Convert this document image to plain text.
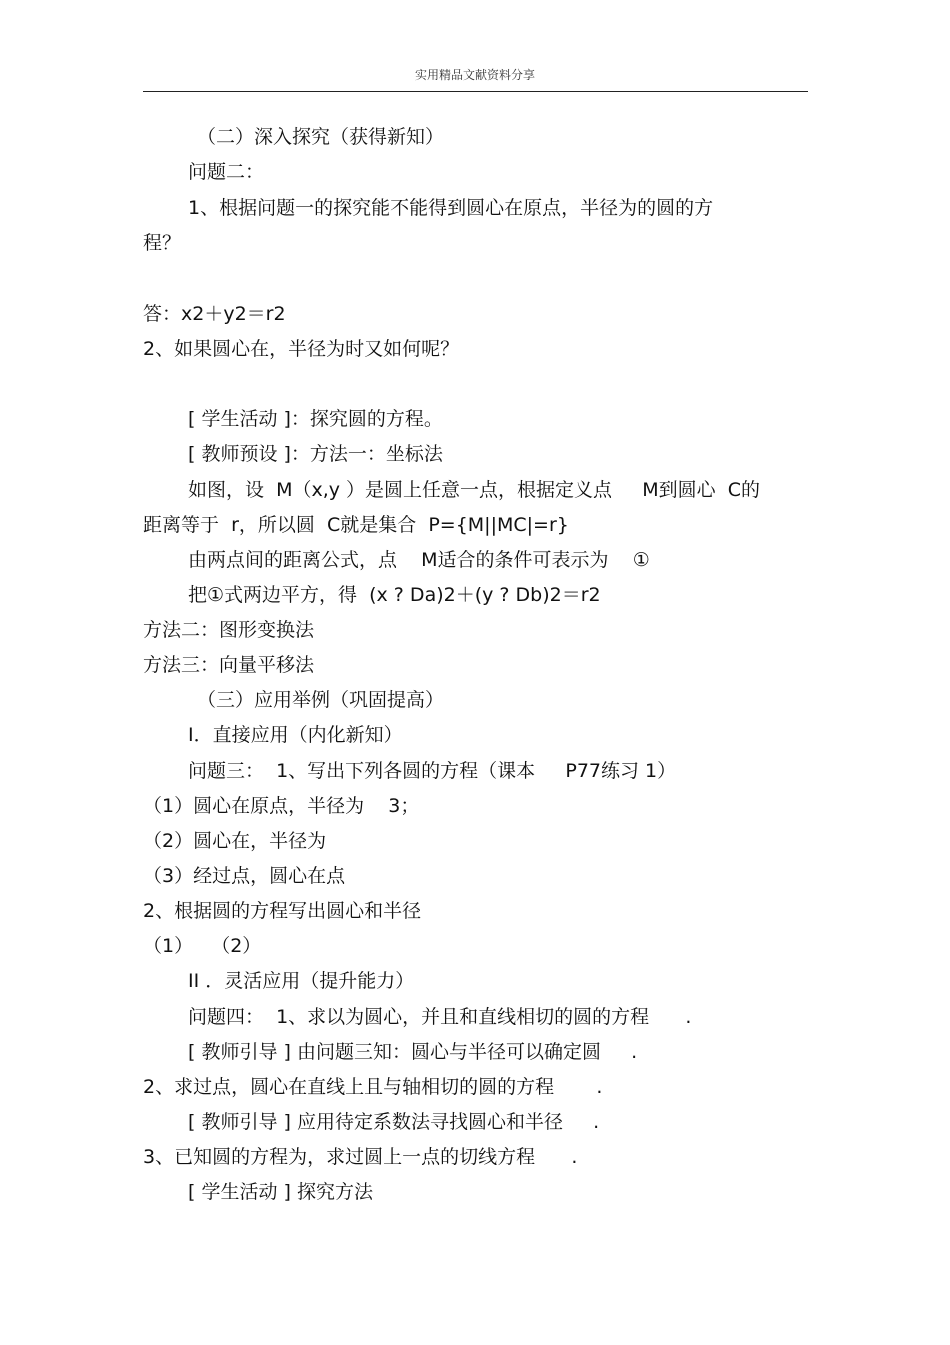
实用精品文献资料分享
（二）深入探究（获得新知）
问题二：
1、根据问题一的探究能不能得到圆心在原点，半径为的圆的方
程？
答：x2＋y2＝r2
2、如果圆心在，半径为时又如何呢？
[ 学生活动 ]：探究圆的方程。
[ 教师预设 ]：方法一：坐标法
如图，设  M（x,y ）是圆上任意一点，根据定义点     M到圆心  C的
距离等于  r，所以圆  C就是集合  P={M||MC|=r}
由两点间的距离公式，点    M适合的条件可表示为    ①
把①式两边平方，得  (x ? Da)2＋(y ? Db)2＝r2
方法二：图形变换法
方法三：向量平移法
（三）应用举例（巩固提高）
I．直接应用（内化新知）
问题三：  1、写出下列各圆的方程（课本     P77练习 1）
（1）圆心在原点，半径为    3；
（2）圆心在，半径为
（3）经过点，圆心在点
2、根据圆的方程写出圆心和半径
（1）   （2）
II ．灵活应用（提升能力）
问题四：  1、求以为圆心，并且和直线相切的圆的方程      .
[ 教师引导 ] 由问题三知：圆心与半径可以确定圆     .
2、求过点，圆心在直线上且与轴相切的圆的方程       .
[ 教师引导 ] 应用待定系数法寻找圆心和半径     .
3、已知圆的方程为，求过圆上一点的切线方程      .
[ 学生活动 ] 探究方法
